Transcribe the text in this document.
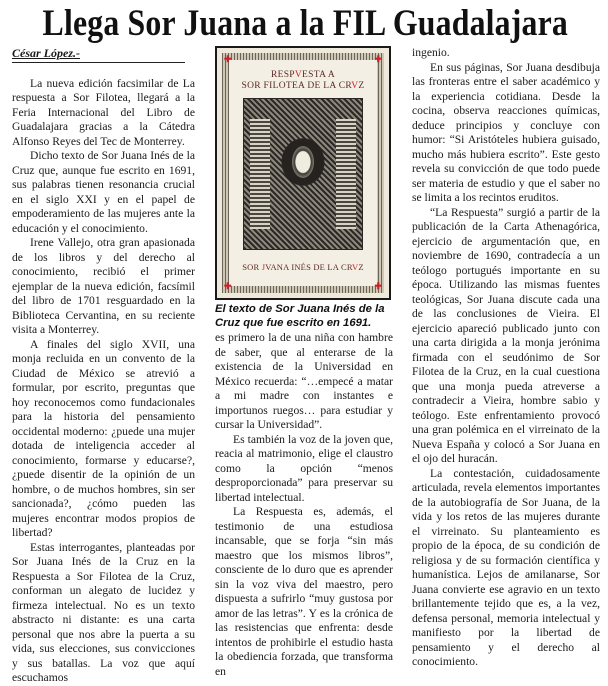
Llega Sor Juana a la FIL Guadalajara
César López.-

La nueva edición facsimilar de La respuesta a Sor Filotea, llegará a la Feria Internacional del Libro de Guadalajara gracias a la Cátedra Alfonso Reyes del Tec de Monterrey.

Dicho texto de Sor Juana Inés de la Cruz que, aunque fue escrito en 1691, sus palabras tienen resonancia crucial en el siglo XXI y en el papel de empoderamiento de las mujeres ante la educación y el conocimiento.

Irene Vallejo, otra gran apasionada de los libros y del derecho al conocimiento, recibió el primer ejemplar de la nueva edición, facsímil del libro de 1701 resguardado en la Biblioteca Cervantina, en su reciente visita a Monterrey.

A finales del siglo XVII, una monja recluida en un convento de la Ciudad de México se atrevió a formular, por escrito, preguntas que hoy reconocemos como fundacionales para la historia del pensamiento occidental moderno: ¿puede una mujer dotada de inteligencia acceder al conocimiento, formarse y educarse?, ¿puede disentir de la opinión de un hombre, o de muchos hombres, sin ser sancionada?, ¿cómo pueden las mujeres encontrar modos propios de libertad?

Estas interrogantes, planteadas por Sor Juana Inés de la Cruz en la Respuesta a Sor Filotea de la Cruz, conforman un alegato de lucidez y firmeza intelectual. No es un texto abstracto ni distante: es una carta personal que nos abre la puerta a su vida, sus elecciones, sus convicciones y sus batallas. La voz que aquí escuchamos

RESPVESTA A
SOR FILOTEA DE LA CRVZ
SOR JVANA INÉS DE LA CRVZ
✚	✚
✚	✚
El texto de Sor Juana Inés de la Cruz que fue escrito en 1691.

es primero la de una niña con hambre de saber, que al enterarse de la existencia de la Universidad en México recuerda: “…empecé a matar a mi madre con instantes e importunos ruegos… para estudiar y cursar la Universidad”.

Es también la voz de la joven que, reacia al matrimonio, elige el claustro como la opción “menos desproporcionada” para preservar su libertad intelectual.

La Respuesta es, además, el testimonio de una estudiosa incansable, que se forja “sin más maestro que los mismos libros”, consciente de lo duro que es aprender sin la voz viva del maestro, pero dispuesta a sufrirlo “muy gustosa por amor de las letras”. Y es la crónica de las resistencias que enfrenta: desde intentos de prohibirle el estudio hasta la obediencia forzada, que transforma en

ingenio.

En sus páginas, Sor Juana desdibuja las fronteras entre el saber académico y la experiencia cotidiana. Desde la cocina, observa reacciones químicas, deduce principios y concluye con humor: “Si Aristóteles hubiera guisado, mucho más hubiera escrito”. Este gesto revela su convicción de que todo puede ser materia de estudio y que el saber no se limita a los recintos eruditos.

“La Respuesta” surgió a partir de la publicación de la Carta Athenagórica, ejercicio de argumentación que, en noviembre de 1690, contradecía a un teólogo portugués importante en su época. Utilizando las mismas fuentes teológicas, Sor Juana discute cada una de las conclusiones de Vieira. El ejercicio apareció publicado junto con una carta dirigida a la monja jerónima firmada con el seudónimo de Sor Filotea de la Cruz, en la cual cuestiona que una monja pueda atreverse a contradecir a Vieira, hombre sabio y teólogo. Este enfrentamiento provocó una gran polémica en el virreinato de la Nueva España y colocó a Sor Juana en el ojo del huracán.

La contestación, cuidadosamente articulada, revela elementos importantes de la autobiografía de Sor Juana, de la vida y los retos de las mujeres durante el virreinato. Su planteamiento es propio de la época, de su condición de religiosa y de su formación científica y humanística. Lejos de amilanarse, Sor Juana convierte ese agravio en un texto brillantemente tejido que es, a la vez, defensa personal, memoria intelectual y manifiesto por la libertad de pensamiento y el derecho al conocimiento.
